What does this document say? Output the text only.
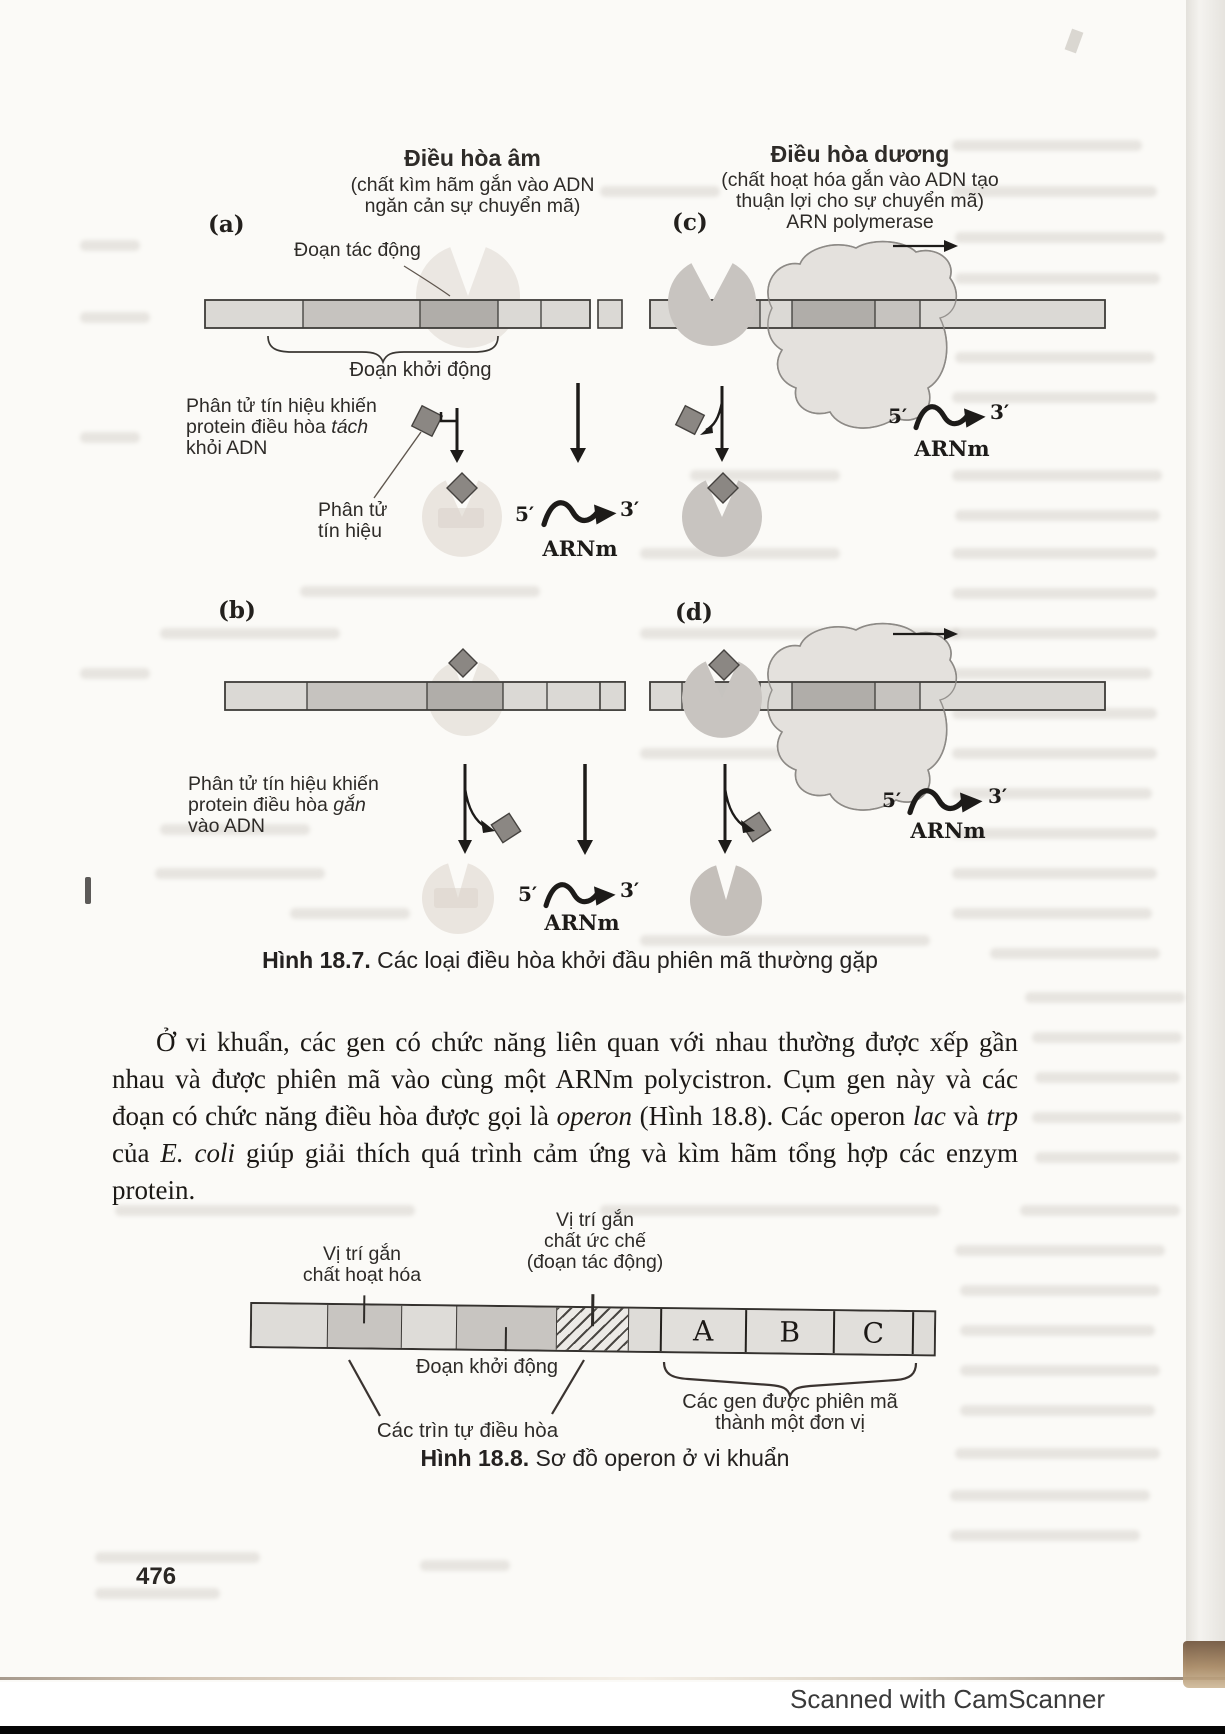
Điều hòa âm
(chất kìm hãm gắn vào ADN
ngăn cản sự chuyển mã)
Điều hòa dương
(chất hoạt hóa gắn vào ADN tạo
thuận lợi cho sự chuyển mã)
ARN polymerase
(a)	(c)
(b)	(d)
Đoạn tác động
Đoạn khởi động
Phân tử tín hiệu khiến
protein điều hòa tách
khỏi ADN
Phân tử
tín hiệu
Phân tử tín hiệu khiến
protein điều hòa gắn
vào ADN
5′	3′
ARNm
5′	3′
ARNm
5′	3′
ARNm
5′	3′
ARNm
Hình 18.7. Các loại điều hòa khởi đầu phiên mã thường gặp
Ở vi khuẩn, các gen có chức năng liên quan với nhau thường được xếp gần nhau và được phiên mã vào cùng một ARNm polycistron. Cụm gen này và các đoạn có chức năng điều hòa được gọi là operon (Hình 18.8). Các operon lac và trp của E. coli giúp giải thích quá trình cảm ứng và kìm hãm tổng hợp các enzym protein.
A	B	C
Vị trí gắn
chất hoạt hóa
Vị trí gắn
chất ức chế
(đoạn tác động)
Đoạn khởi động
Các trìn tự điều hòa
Các gen được phiên mã
thành một đơn vị
Hình 18.8. Sơ đồ operon ở vi khuẩn
476
Scanned with CamScanner
